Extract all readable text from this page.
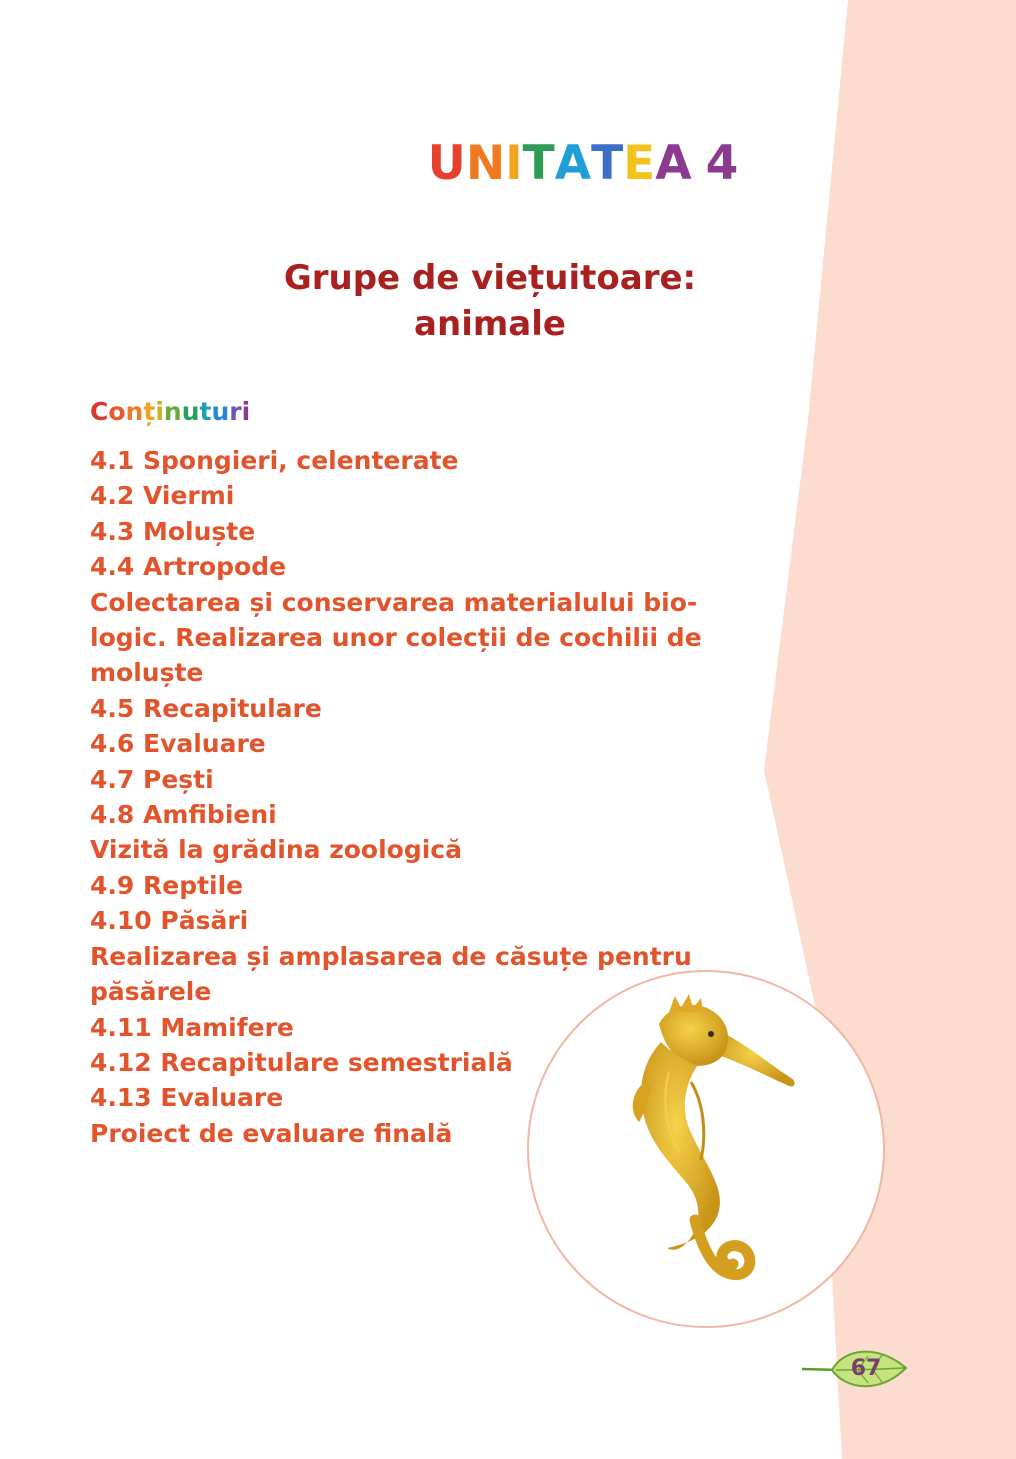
UNITATEA 4
Grupe de viețuitoare:
animale
Conținuturi
4.1 Spongieri, celenterate
4.2 Viermi
4.3 Moluște
4.4 Artropode
Colectarea și conservarea materialului bio-
logic. Realizarea unor colecții de cochilii de
moluște
4.5 Recapitulare
4.6 Evaluare
4.7 Pești
4.8 Amfibieni
Vizită la grădina zoologică
4.9 Reptile
4.10 Păsări
Realizarea și amplasarea de căsuțe pentru
păsărele
4.11 Mamifere
4.12 Recapitulare semestrială
4.13 Evaluare
Proiect de evaluare finală
67
